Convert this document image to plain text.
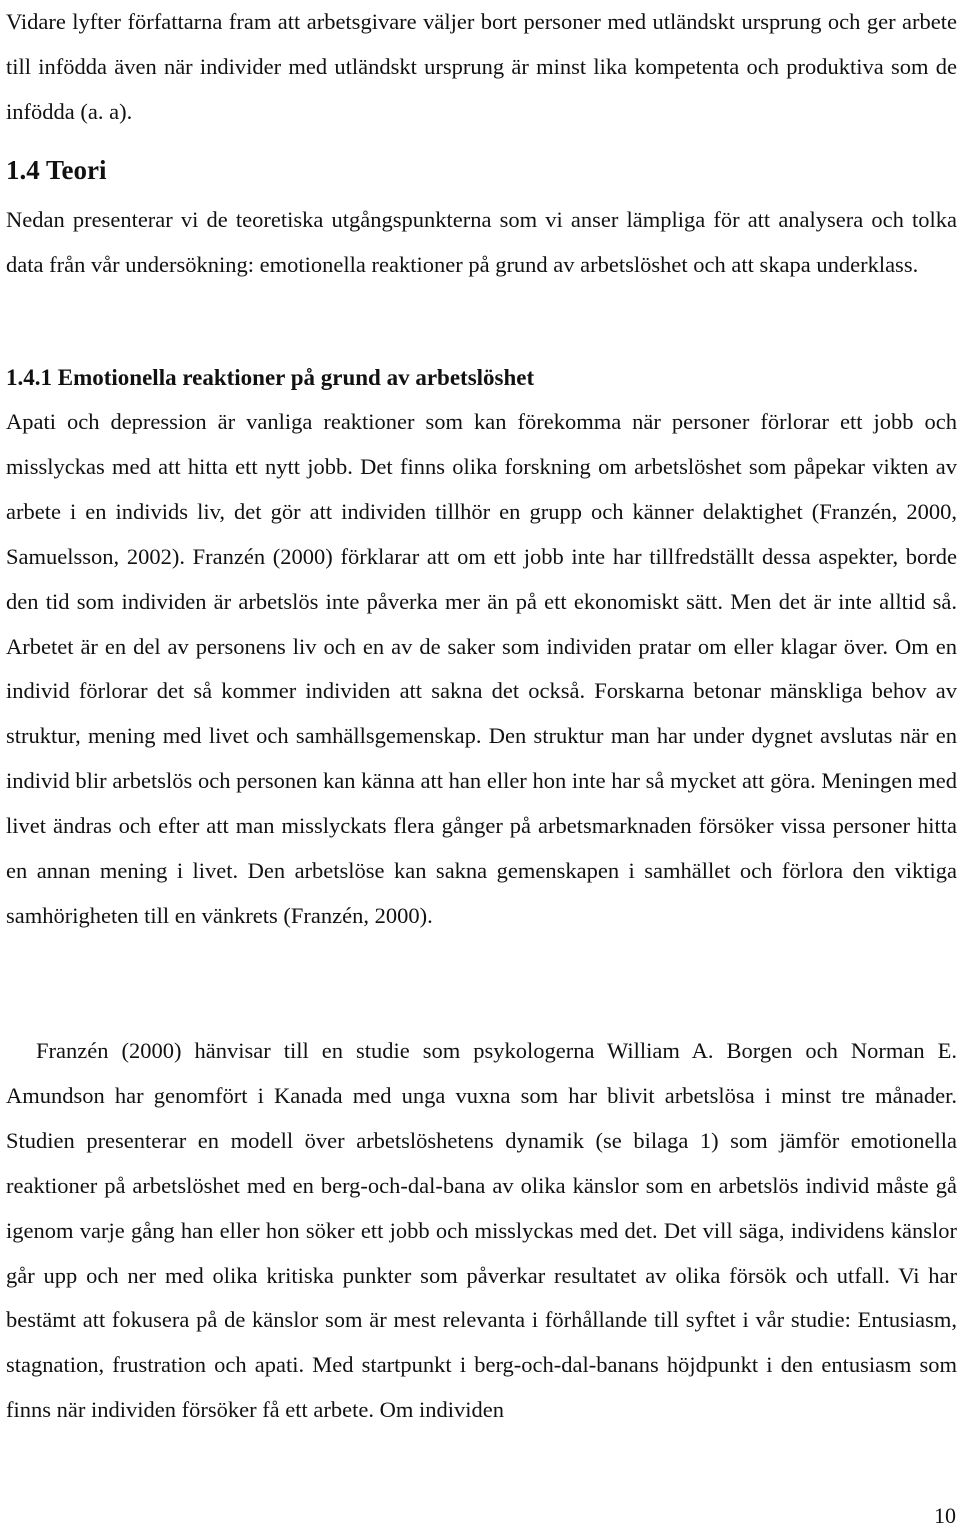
Vidare lyfter författarna fram att arbetsgivare väljer bort personer med utländskt ursprung och ger arbete till infödda även när individer med utländskt ursprung är minst lika kompetenta och produktiva som de infödda (a. a).

1.4 Teori

Nedan presenterar vi de teoretiska utgångspunkterna som vi anser lämpliga för att analysera och tolka data från vår undersökning: emotionella reaktioner på grund av arbetslöshet och att skapa underklass.

1.4.1 Emotionella reaktioner på grund av arbetslöshet

Apati och depression är vanliga reaktioner som kan förekomma när personer förlorar ett jobb och misslyckas med att hitta ett nytt jobb. Det finns olika forskning om arbetslöshet som påpekar vikten av arbete i en individs liv, det gör att individen tillhör en grupp och känner delaktighet (Franzén, 2000, Samuelsson, 2002). Franzén (2000) förklarar att om ett jobb inte har tillfredställt dessa aspekter, borde den tid som individen är arbetslös inte påverka mer än på ett ekonomiskt sätt. Men det är inte alltid så. Arbetet är en del av personens liv och en av de saker som individen pratar om eller klagar över. Om en individ förlorar det så kommer individen att sakna det också. Forskarna betonar mänskliga behov av struktur, mening med livet och samhällsgemenskap. Den struktur man har under dygnet avslutas när en individ blir arbetslös och personen kan känna att han eller hon inte har så mycket att göra. Meningen med livet ändras och efter att man misslyckats flera gånger på arbetsmarknaden försöker vissa personer hitta en annan mening i livet. Den arbetslöse kan sakna gemenskapen i samhället och förlora den viktiga samhörigheten till en vänkrets (Franzén, 2000).

Franzén (2000) hänvisar till en studie som psykologerna William A. Borgen och Norman E. Amundson har genomfört i Kanada med unga vuxna som har blivit arbetslösa i minst tre månader. Studien presenterar en modell över arbetslöshetens dynamik (se bilaga 1) som jämför emotionella reaktioner på arbetslöshet med en berg-och-dal-bana av olika känslor som en arbetslös individ måste gå igenom varje gång han eller hon söker ett jobb och misslyckas med det. Det vill säga, individens känslor går upp och ner med olika kritiska punkter som påverkar resultatet av olika försök och utfall. Vi har bestämt att fokusera på de känslor som är mest relevanta i förhållande till syftet i vår studie: Entusiasm, stagnation, frustration och apati. Med startpunkt i berg-och-dal-banans höjdpunkt i den entusiasm som finns när individen försöker få ett arbete. Om individen

10
